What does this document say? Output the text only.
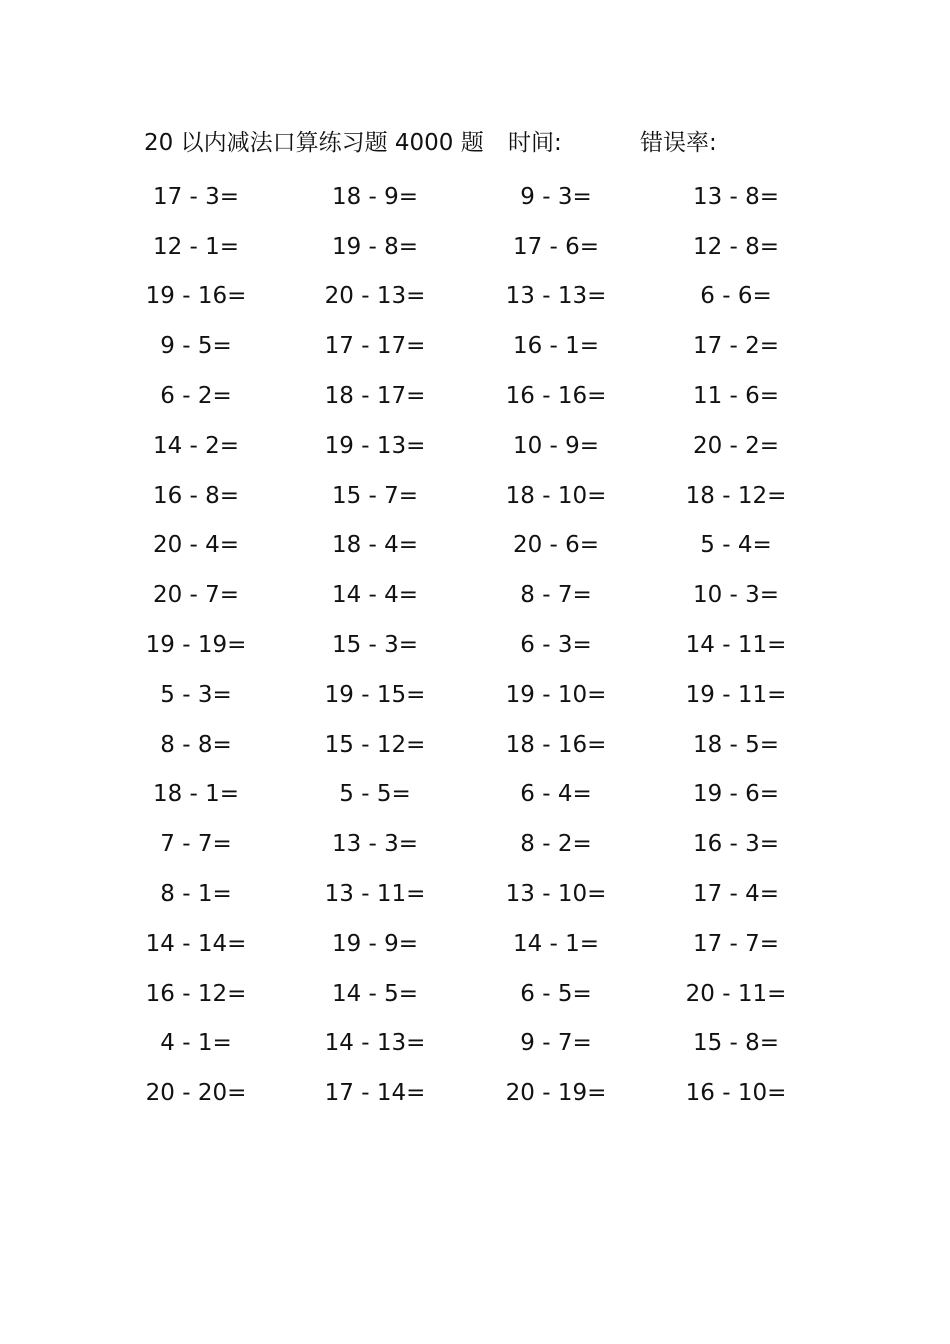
20 以内减法口算练习题 4000 题 时间:	错误率:
17 - 3=	18 - 9=	9 - 3=	13 - 8=
12 - 1=	19 - 8=	17 - 6=	12 - 8=
19 - 16=	20 - 13=	13 - 13=	6 - 6=
9 - 5=	17 - 17=	16 - 1=	17 - 2=
6 - 2=	18 - 17=	16 - 16=	11 - 6=
14 - 2=	19 - 13=	10 - 9=	20 - 2=
16 - 8=	15 - 7=	18 - 10=	18 - 12=
20 - 4=	18 - 4=	20 - 6=	5 - 4=
20 - 7=	14 - 4=	8 - 7=	10 - 3=
19 - 19=	15 - 3=	6 - 3=	14 - 11=
5 - 3=	19 - 15=	19 - 10=	19 - 11=
8 - 8=	15 - 12=	18 - 16=	18 - 5=
18 - 1=	5 - 5=	6 - 4=	19 - 6=
7 - 7=	13 - 3=	8 - 2=	16 - 3=
8 - 1=	13 - 11=	13 - 10=	17 - 4=
14 - 14=	19 - 9=	14 - 1=	17 - 7=
16 - 12=	14 - 5=	6 - 5=	20 - 11=
4 - 1=	14 - 13=	9 - 7=	15 - 8=
20 - 20=	17 - 14=	20 - 19=	16 - 10=
